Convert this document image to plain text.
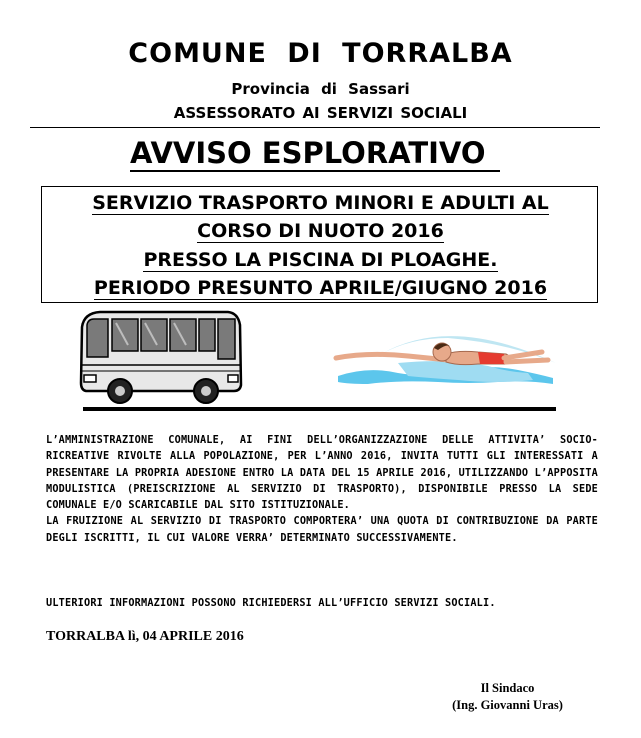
COMUNE DI TORRALBA
Provincia di Sassari
ASSESSORATO AI SERVIZI SOCIALI
AVVISO ESPLORATIVO
SERVIZIO TRASPORTO MINORI E ADULTI AL
CORSO DI NUOTO 2016
PRESSO LA PISCINA DI PLOAGHE.
PERIODO PRESUNTO APRILE/GIUGNO 2016
L’AMMINISTRAZIONE COMUNALE, AI FINI DELL’ORGANIZZAZIONE DELLE ATTIVITA’ SOCIO-RICREATIVE RIVOLTE ALLA POPOLAZIONE, PER L’ANNO 2016, INVITA TUTTI GLI INTERESSATI A PRESENTARE LA PROPRIA ADESIONE ENTRO LA DATA DEL 15 APRILE 2016, UTILIZZANDO L’APPOSITA MODULISTICA (PREISCRIZIONE AL SERVIZIO DI TRASPORTO), DISPONIBILE PRESSO LA SEDE COMUNALE E/O SCARICABILE DAL SITO ISTITUZIONALE.
LA FRUIZIONE AL SERVIZIO DI TRASPORTO COMPORTERA’ UNA QUOTA DI CONTRIBUZIONE DA PARTE DEGLI ISCRITTI, IL CUI VALORE VERRA’ DETERMINATO SUCCESSIVAMENTE.
ULTERIORI INFORMAZIONI POSSONO RICHIEDERSI ALL’UFFICIO SERVIZI SOCIALI.
TORRALBA lì, 04 APRILE 2016
Il Sindaco
(Ing. Giovanni Uras)
